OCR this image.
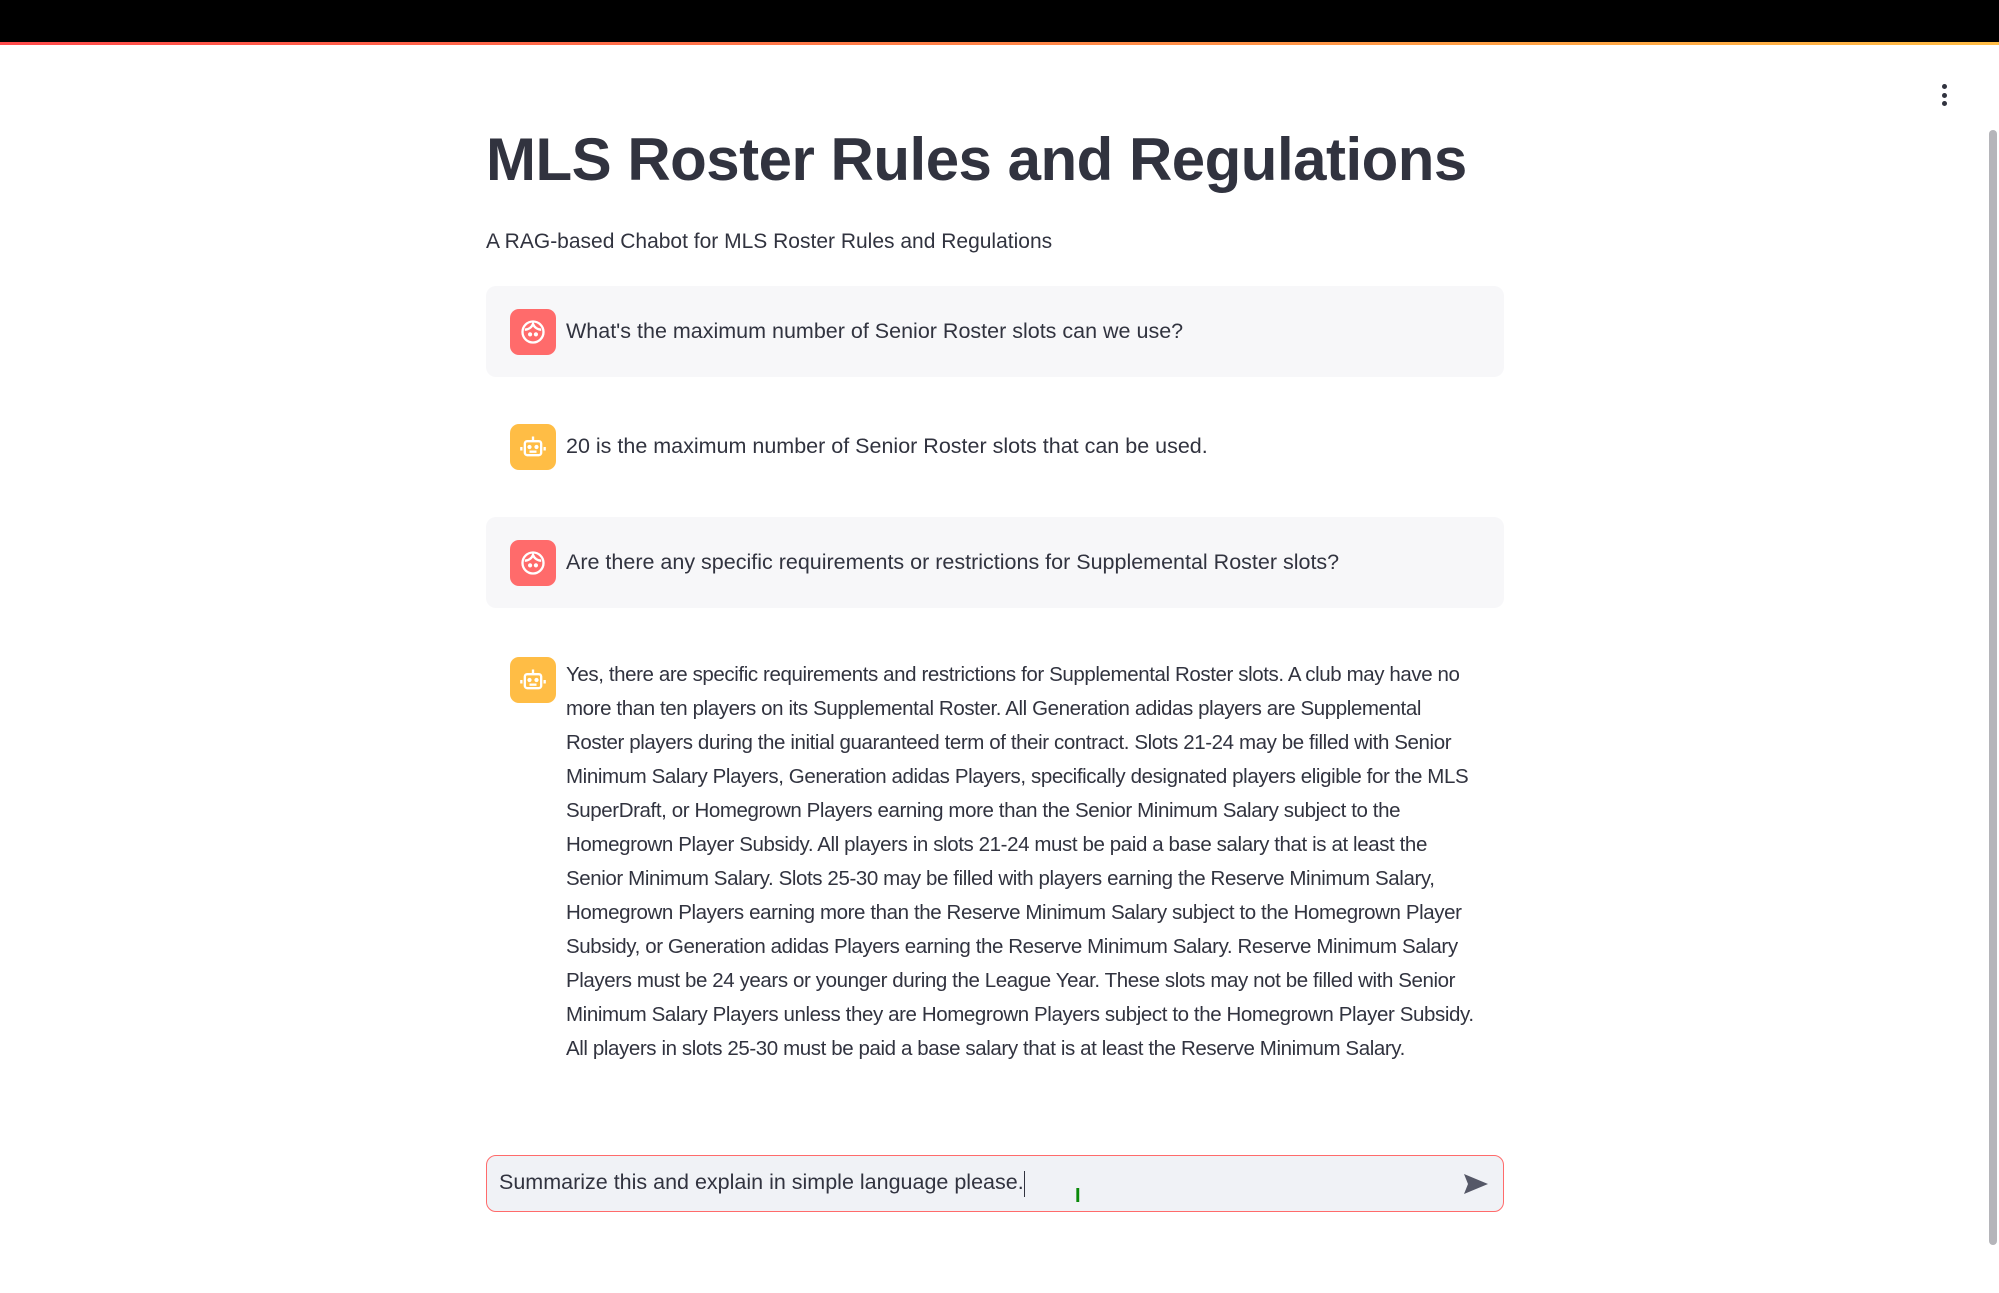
MLS Roster Rules and Regulations
A RAG-based Chabot for MLS Roster Rules and Regulations
What's the maximum number of Senior Roster slots can we use?
20 is the maximum number of Senior Roster slots that can be used.
Are there any specific requirements or restrictions for Supplemental Roster slots?
Yes, there are specific requirements and restrictions for Supplemental Roster slots. A club may have no more than ten players on its Supplemental Roster. All Generation adidas players are Supplemental Roster players during the initial guaranteed term of their contract. Slots 21-24 may be filled with Senior Minimum Salary Players, Generation adidas Players, specifically designated players eligible for the MLS SuperDraft, or Homegrown Players earning more than the Senior Minimum Salary subject to the Homegrown Player Subsidy. All players in slots 21-24 must be paid a base salary that is at least the Senior Minimum Salary. Slots 25-30 may be filled with players earning the Reserve Minimum Salary, Homegrown Players earning more than the Reserve Minimum Salary subject to the Homegrown Player Subsidy, or Generation adidas Players earning the Reserve Minimum Salary. Reserve Minimum Salary Players must be 24 years or younger during the League Year. These slots may not be filled with Senior Minimum Salary Players unless they are Homegrown Players subject to the Homegrown Player Subsidy. All players in slots 25-30 must be paid a base salary that is at least the Reserve Minimum Salary.
Summarize this and explain in simple language please.
I
